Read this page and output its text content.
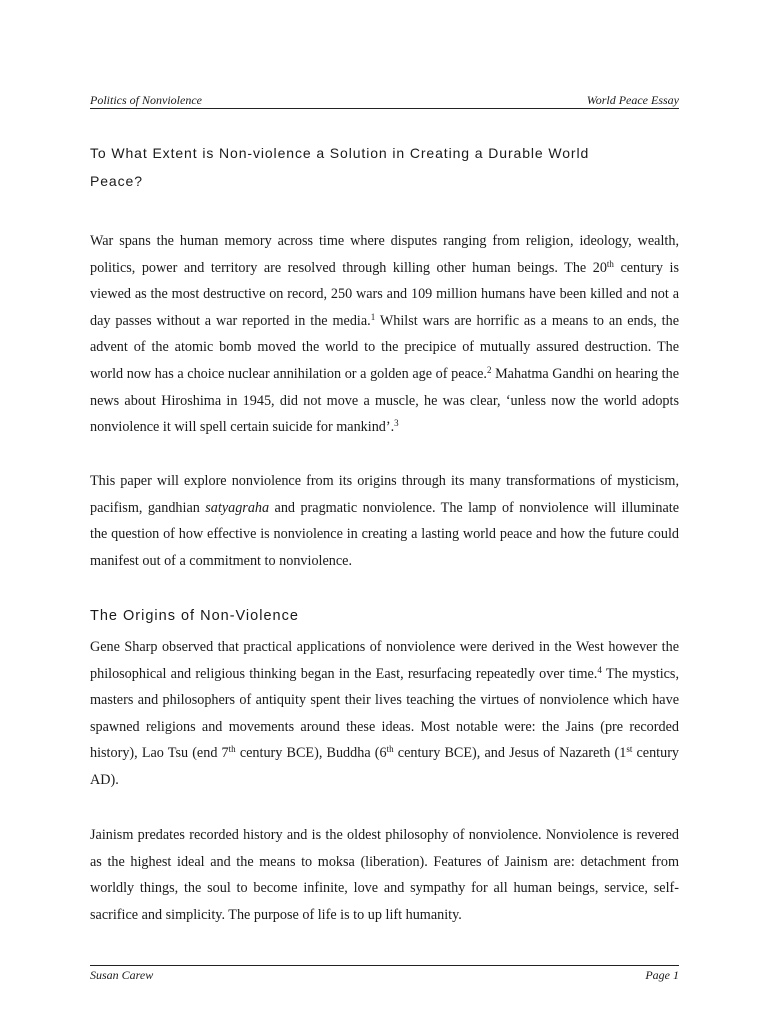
Politics of Nonviolence	World Peace Essay
To What Extent is Non-violence a Solution in Creating a Durable World
Peace?

War spans the human memory across time where disputes ranging from religion, ideology, wealth, politics, power and territory are resolved through killing other human beings. The 20th century is viewed as the most destructive on record, 250 wars and 109 million humans have been killed and not a day passes without a war reported in the media.$^1$ Whilst wars are horrific as a means to an ends, the advent of the atomic bomb moved the world to the precipice of mutually assured destruction. The world now has a choice nuclear annihilation or a golden age of peace.$^2$ Mahatma Gandhi on hearing the news about Hiroshima in 1945, did not move a muscle, he was clear, ‘unless now the world adopts nonviolence it will spell certain suicide for mankind’.$^3$

This paper will explore nonviolence from its origins through its many transformations of mysticism, pacifism, gandhian satyagraha and pragmatic nonviolence. The lamp of nonviolence will illuminate the question of how effective is nonviolence in creating a lasting world peace and how the future could manifest out of a commitment to nonviolence.

The Origins of Non-Violence

Gene Sharp observed that practical applications of nonviolence were derived in the West however the philosophical and religious thinking began in the East, resurfacing repeatedly over time.$^4$ The mystics, masters and philosophers of antiquity spent their lives teaching the virtues of nonviolence which have spawned religions and movements around these ideas. Most notable were: the Jains (pre recorded history), Lao Tsu (end 7th century BCE), Buddha (6th century BCE), and Jesus of Nazareth (1st century AD).

Jainism predates recorded history and is the oldest philosophy of nonviolence. Nonviolence is revered as the highest ideal and the means to moksa (liberation). Features of Jainism are: detachment from worldly things, the soul to become infinite, love and sympathy for all human beings, service, self-sacrifice and simplicity. The purpose of life is to up lift humanity.

Susan Carew	Page 1
